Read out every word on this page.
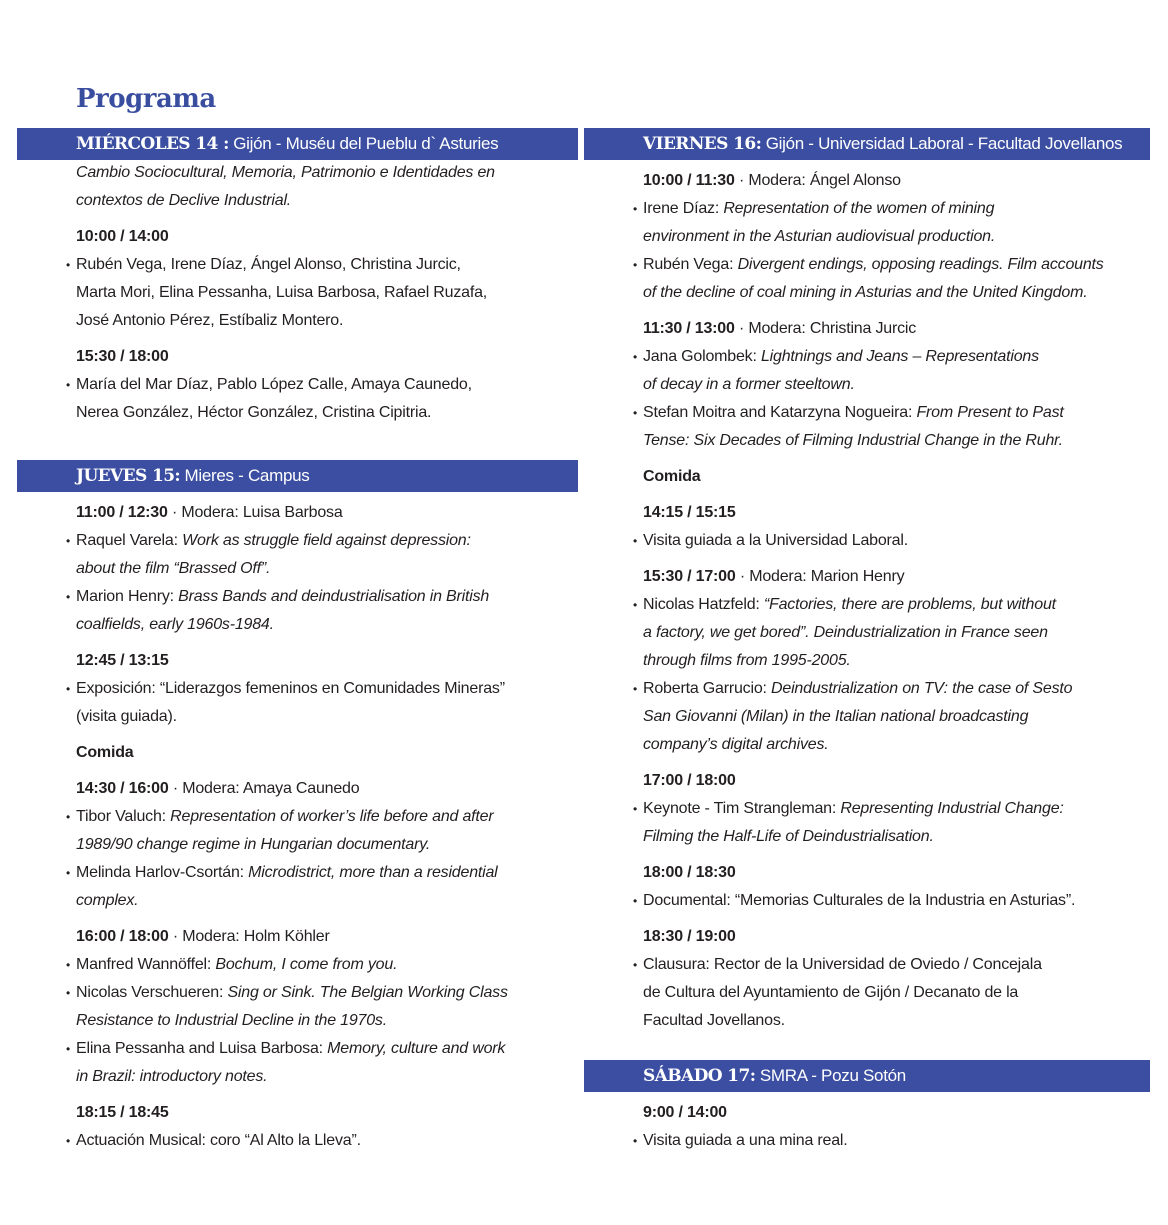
Programa
MIÉRCOLES 14 : Gijón - Muséu del Pueblu d` Asturies
Cambio Sociocultural, Memoria, Patrimonio e Identidades en
contextos de Declive Industrial.
10:00 / 14:00
• Rubén Vega, Irene Díaz, Ángel Alonso, Christina Jurcic,
Marta Mori, Elina Pessanha, Luisa Barbosa, Rafael Ruzafa,
José Antonio Pérez, Estíbaliz Montero.
15:30 / 18:00
• María del Mar Díaz, Pablo López Calle, Amaya Caunedo,
Nerea González, Héctor González, Cristina Cipitria.
JUEVES 15: Mieres - Campus
11:00 / 12:30 · Modera: Luisa Barbosa
• Raquel Varela: Work as struggle field against depression:
about the film “Brassed Off”.
• Marion Henry: Brass Bands and deindustrialisation in British
coalfields, early 1960s-1984.
12:45 / 13:15
• Exposición: “Liderazgos femeninos en Comunidades Mineras”
(visita guiada).
Comida
14:30 / 16:00 · Modera: Amaya Caunedo
• Tibor Valuch: Representation of worker’s life before and after
1989/90 change regime in Hungarian documentary.
• Melinda Harlov-Csortán: Microdistrict, more than a residential
complex.
16:00 / 18:00 · Modera: Holm Köhler
• Manfred Wannöffel: Bochum, I come from you.
• Nicolas Verschueren: Sing or Sink. The Belgian Working Class
Resistance to Industrial Decline in the 1970s.
• Elina Pessanha and Luisa Barbosa: Memory, culture and work
in Brazil: introductory notes.
18:15 / 18:45
• Actuación Musical: coro “Al Alto la Lleva”.
VIERNES 16: Gijón - Universidad Laboral - Facultad Jovellanos
10:00 / 11:30 · Modera: Ángel Alonso
• Irene Díaz: Representation of the women of mining
environment in the Asturian audiovisual production.
• Rubén Vega: Divergent endings, opposing readings. Film accounts
of the decline of coal mining in Asturias and the United Kingdom.
11:30 / 13:00 · Modera: Christina Jurcic
• Jana Golombek: Lightnings and Jeans – Representations
of decay in a former steeltown.
• Stefan Moitra and Katarzyna Nogueira: From Present to Past
Tense: Six Decades of Filming Industrial Change in the Ruhr.
Comida
14:15 / 15:15
• Visita guiada a la Universidad Laboral.
15:30 / 17:00 · Modera: Marion Henry
• Nicolas Hatzfeld: “Factories, there are problems, but without
a factory, we get bored”. Deindustrialization in France seen
through films from 1995-2005.
• Roberta Garrucio: Deindustrialization on TV: the case of Sesto
San Giovanni (Milan) in the Italian national broadcasting
company’s digital archives.
17:00 / 18:00
• Keynote - Tim Strangleman: Representing Industrial Change:
Filming the Half-Life of Deindustrialisation.
18:00 / 18:30
• Documental: “Memorias Culturales de la Industria en Asturias”.
18:30 / 19:00
• Clausura: Rector de la Universidad de Oviedo / Concejala
de Cultura del Ayuntamiento de Gijón / Decanato de la
Facultad Jovellanos.
SÁBADO 17: SMRA - Pozu Sotón
9:00 / 14:00
• Visita guiada a una mina real.
